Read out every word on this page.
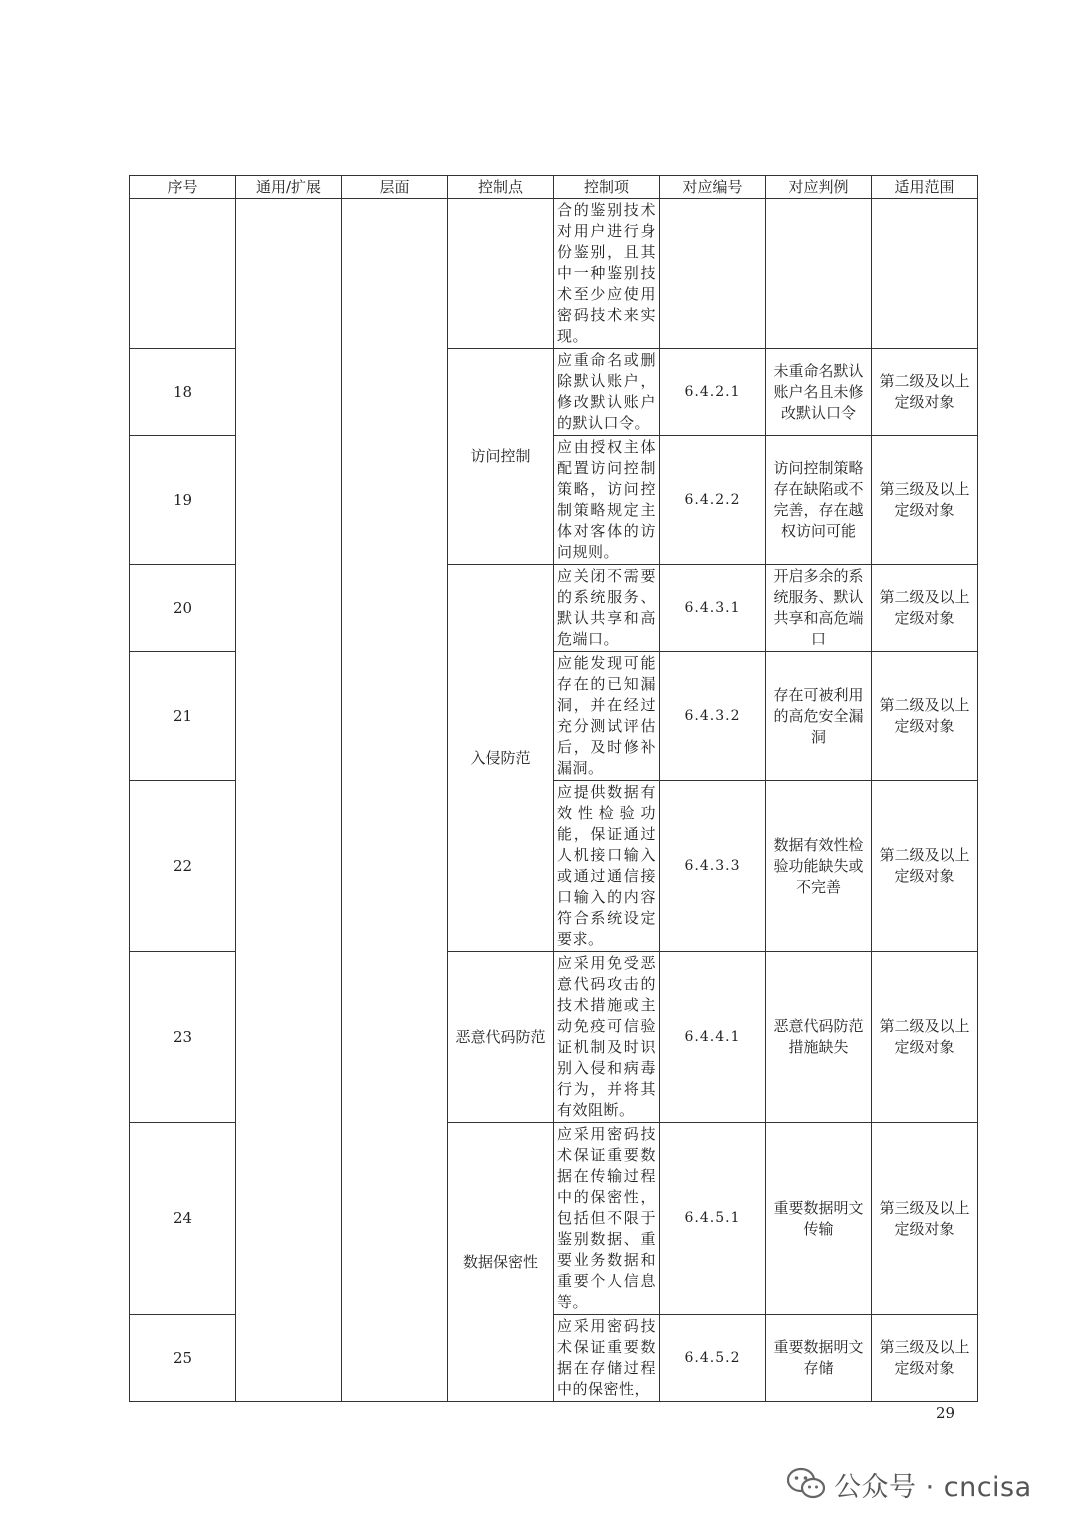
序号	通用/扩展	层面	控制点	控制项	对应编号	对应判例	适用范围
				合的鉴别技术对用户进行身份鉴别，且其中一种鉴别技术至少应使用密码技术来实现。			
18			访问控制	应重命名或删除默认账户，修改默认账户的默认口令。	6.4.2.1	未重命名默认账户名且未修改默认口令	第二级及以上定级对象
19				应由授权主体配置访问控制策略，访问控制策略规定主体对客体的访问规则。	6.4.2.2	访问控制策略存在缺陷或不完善，存在越权访问可能	第三级及以上定级对象
20			入侵防范	应关闭不需要的系统服务、默认共享和高危端口。	6.4.3.1	开启多余的系统服务、默认共享和高危端口	第二级及以上定级对象
21				应能发现可能存在的已知漏洞，并在经过充分测试评估后，及时修补漏洞。	6.4.3.2	存在可被利用的高危安全漏洞	第二级及以上定级对象
22				应提供数据有效性检验功能，保证通过人机接口输入或通过通信接口输入的内容符合系统设定要求。	6.4.3.3	数据有效性检验功能缺失或不完善	第二级及以上定级对象
23			恶意代码防范	应采用免受恶意代码攻击的技术措施或主动免疫可信验证机制及时识别入侵和病毒行为，并将其有效阻断。	6.4.4.1	恶意代码防范措施缺失	第二级及以上定级对象
24			数据保密性	应采用密码技术保证重要数据在传输过程中的保密性，包括但不限于鉴别数据、重要业务数据和重要个人信息等。	6.4.5.1	重要数据明文传输	第三级及以上定级对象
25				应采用密码技术保证重要数据在存储过程中的保密性，	6.4.5.2	重要数据明文存储	第三级及以上定级对象
29
公众号 · cncisa
